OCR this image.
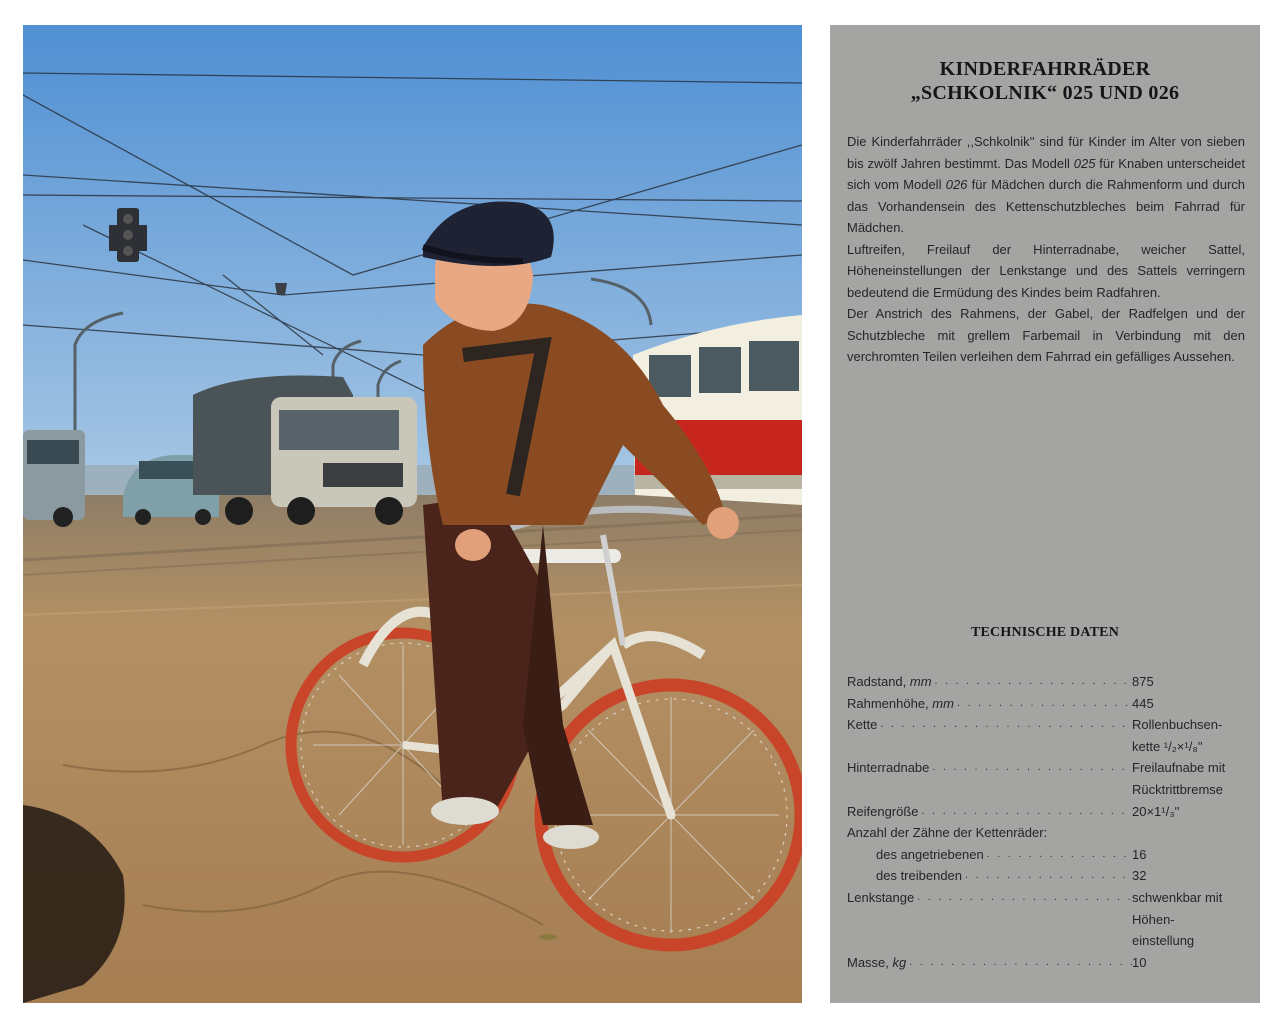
KINDERFAHRRÄDER
„SCHKOLNIK“ 025 UND 026

Die Kinderfahrräder ,,Schkolnik'' sind für Kinder im Alter von sieben bis zwölf Jahren bestimmt. Das Modell 025 für Knaben unterscheidet sich vom Modell 026 für Mädchen durch die Rahmenform und durch das Vorhandensein des Kettenschutzbleches beim Fahrrad für Mädchen.

Luftreifen, Freilauf der Hinterradnabe, weicher Sattel, Höheneinstellungen der Lenkstange und des Sattels verringern bedeutend die Ermüdung des Kindes beim Radfahren.

Der Anstrich des Rahmens, der Gabel, der Radfelgen und der Schutzbleche mit grellem Farbemail in Verbindung mit den verchromten Teilen verleihen dem Fahrrad ein gefälliges Aussehen.

TECHNISCHE DATEN
Radstand, mm . . .	875
Rahmenhöhe, mm . . .	445
Kette . . .	Rollenbuchsen-
kette ¹/₂×¹/₈''
Hinterradnabe . . .	Freilaufnabe mit
Rücktrittbremse
Reifengröße . . .	20×1¹/₃''
Anzahl der Zähne der Kettenräder:
des angetriebenen . . .	16
des treibenden . . .	32
Lenkstange . . .	schwenkbar mit
Höhen-
einstellung
Masse, kg . . .	10
